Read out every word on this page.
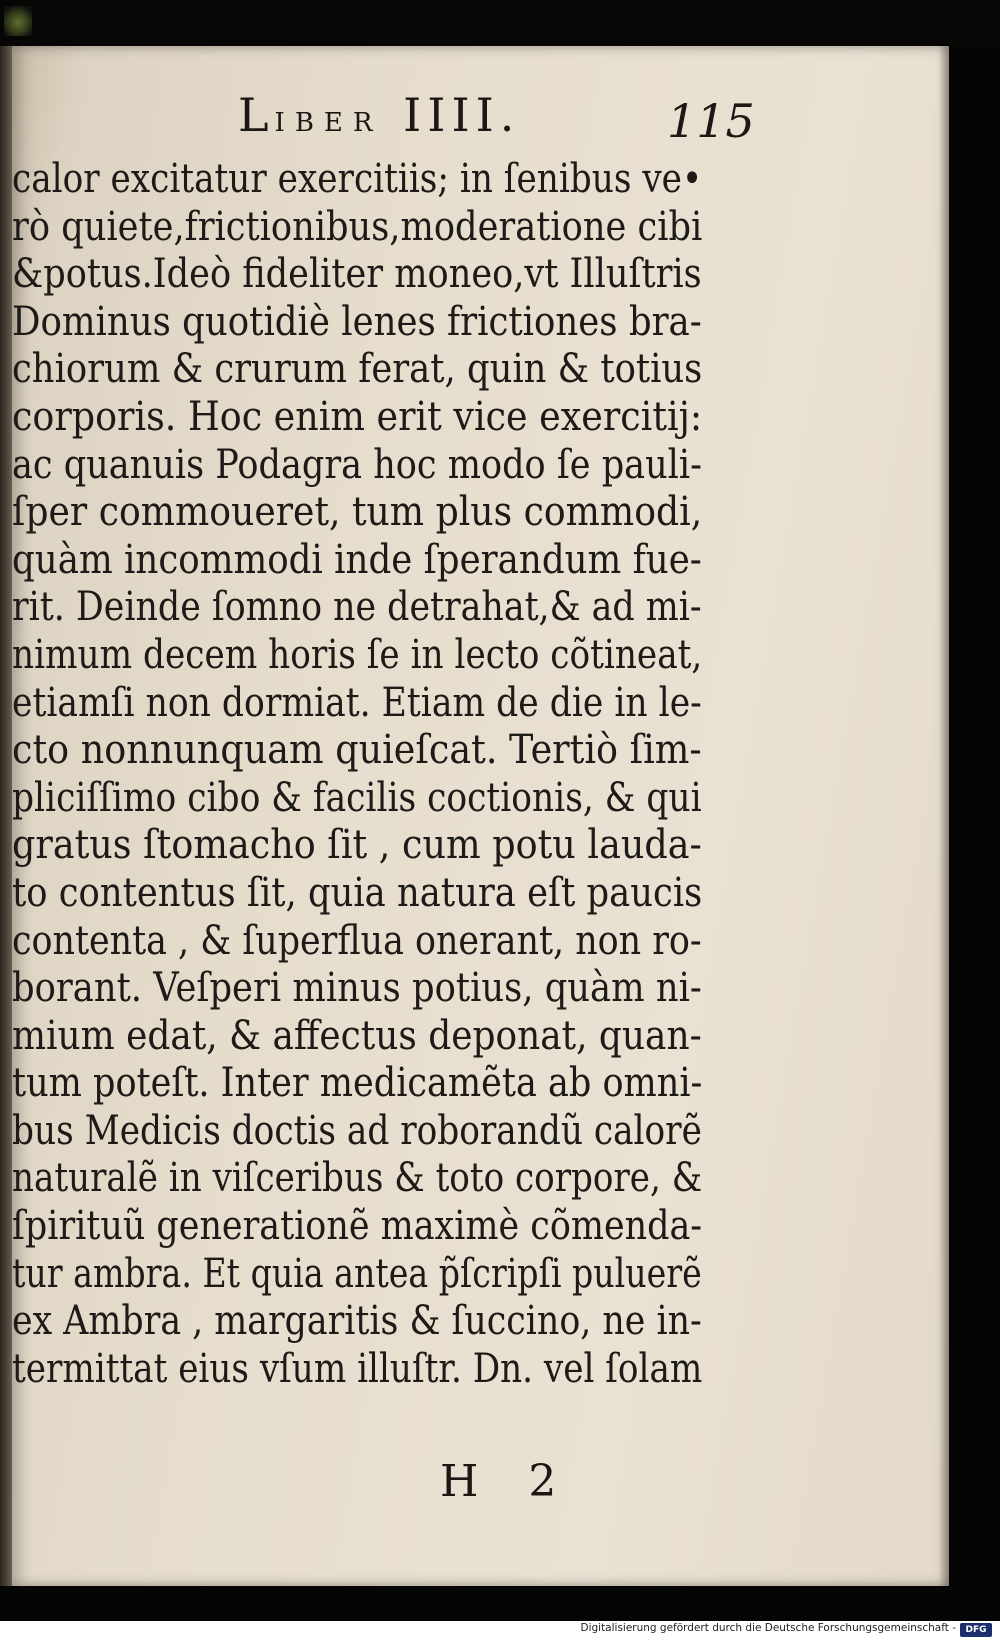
LIBER IIII.	115
calor excitatur exercitiis; in ſenibus ve•
rò quiete,frictionibus,moderatione cibi
&potus.Ideò fideliter moneo,vt Illuſtris
Dominus quotidiè lenes frictiones bra-
chiorum & crurum ferat, quin & totius
corporis. Hoc enim erit vice exercitij:
ac quanuis Podagra hoc modo ſe pauli-
ſper commoueret, tum plus commodi,
quàm incommodi inde ſperandum fue-
rit. Deinde ſomno ne detrahat,& ad mi-
nimum decem horis ſe in lecto cõtineat,
etiamſi non dormiat. Etiam de die in le-
cto nonnunquam quieſcat. Tertiò ſim-
pliciſſimo cibo & facilis coctionis, & qui
gratus ſtomacho ſit , cum potu lauda-
to contentus ſit, quia natura eſt paucis
contenta , & ſuperflua onerant, non ro-
borant. Veſperi minus potius, quàm ni-
mium edat, & affectus deponat, quan-
tum poteſt. Inter medicamẽta ab omni-
bus Medicis doctis ad roborandũ calorẽ
naturalẽ in viſceribus & toto corpore, &
ſpirituũ generationẽ maximè cõmenda-
tur ambra. Et quia antea p̃ſcripſi puluerẽ
ex Ambra , margaritis & ſuccino, ne in-
termittat eius vſum illuſtr. Dn. vel ſolam
H 2
Digitalisierung gefördert durch die Deutsche Forschungsgemeinschaft -	DFG
